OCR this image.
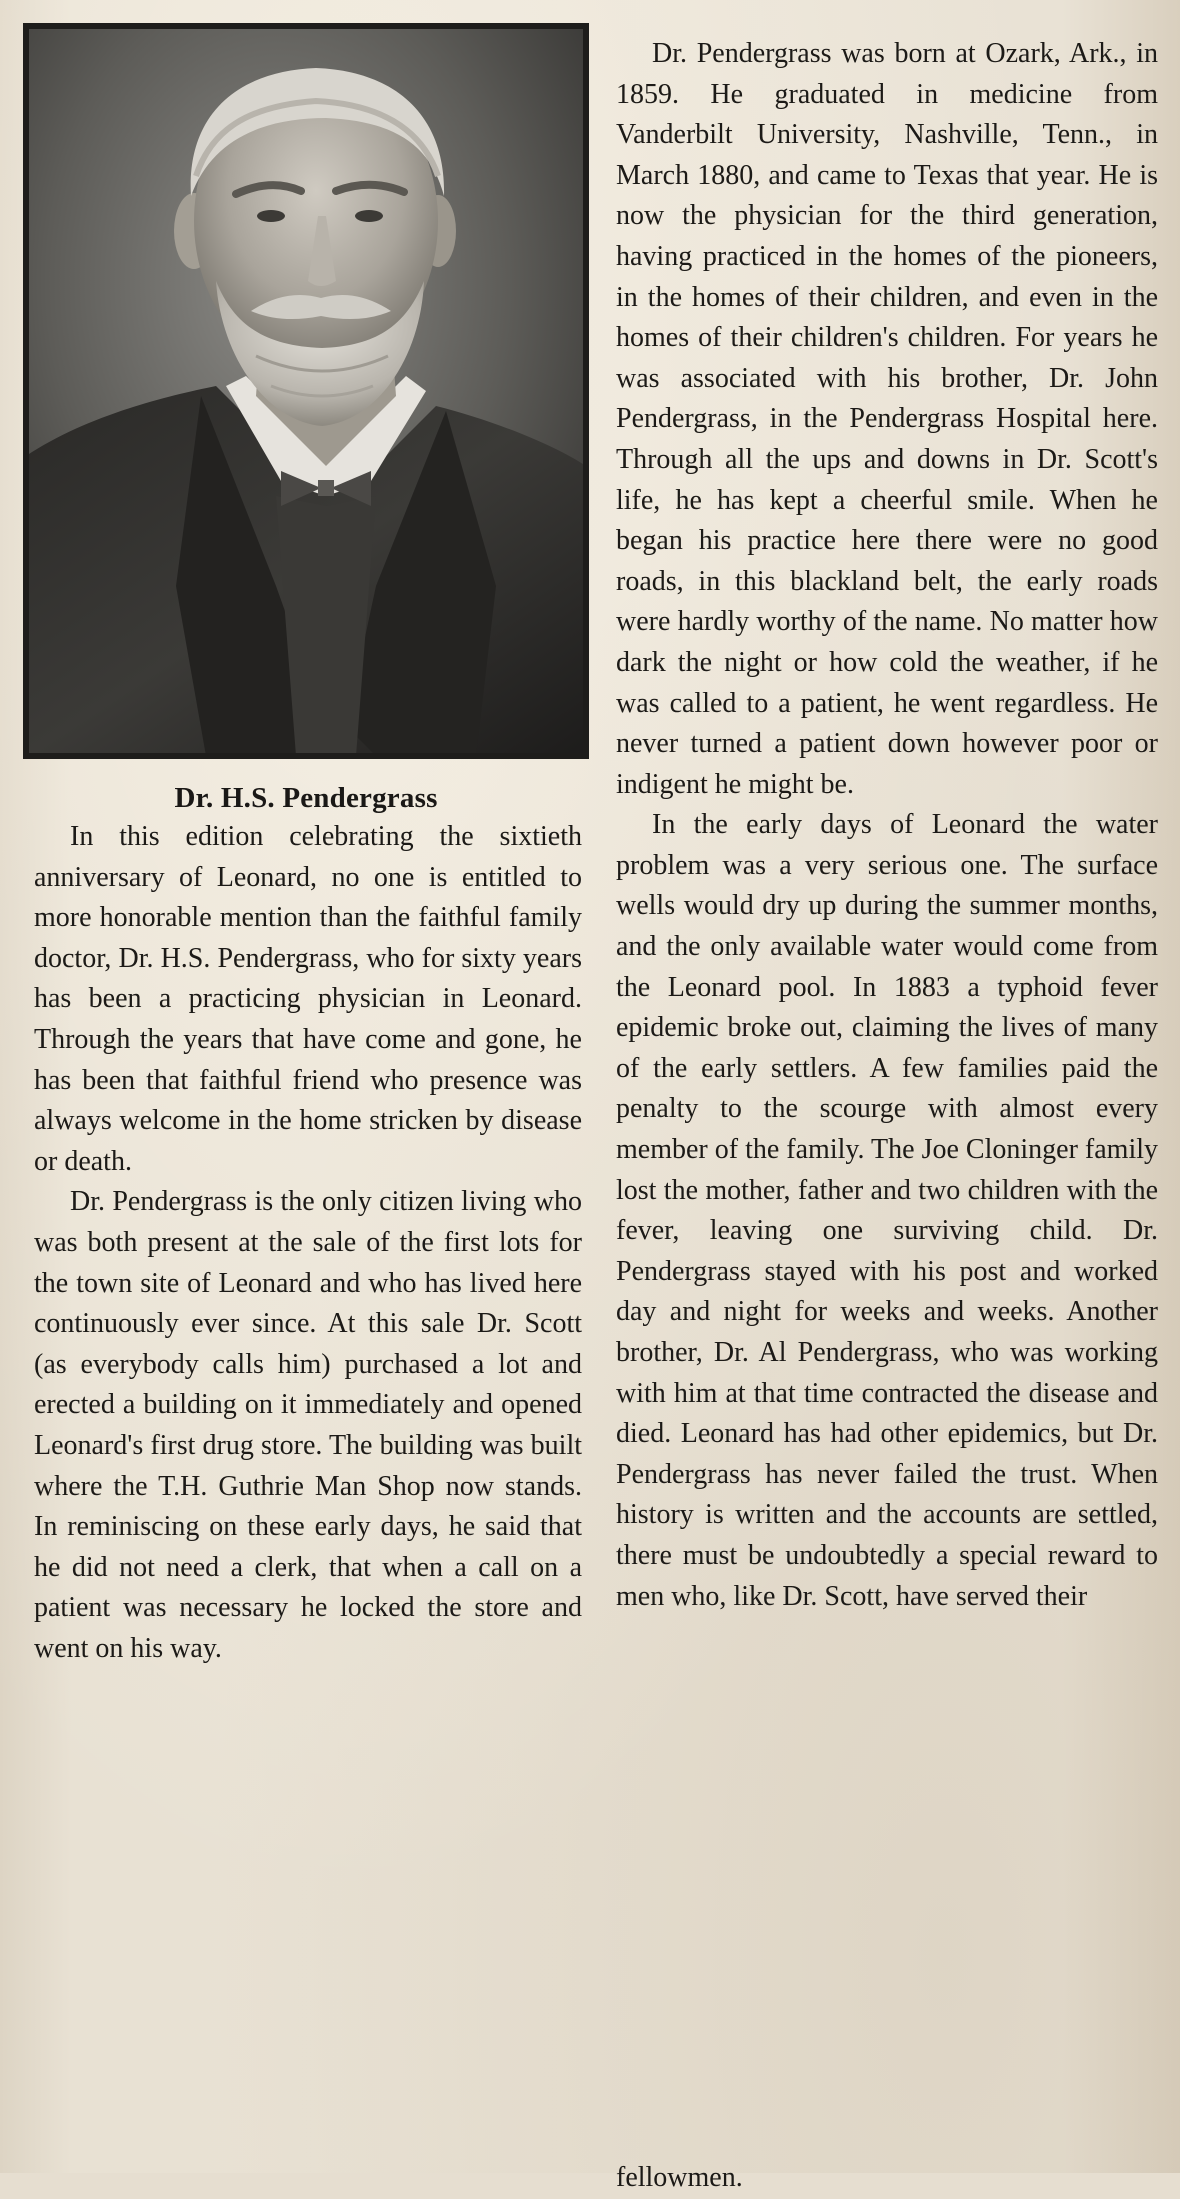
Dr. H.S. Pendergrass

In this edition celebrating the sixtieth anniversary of Leonard, no one is entitled to more honorable mention than the faithful family doctor, Dr. H.S. Pendergrass, who for sixty years has been a practicing physician in Leonard. Through the years that have come and gone, he has been that faithful friend who presence was always welcome in the home stricken by disease or death.

Dr. Pendergrass is the only citizen living who was both present at the sale of the first lots for the town site of Leonard and who has lived here continuously ever since. At this sale Dr. Scott (as everybody calls him) purchased a lot and erected a building on it immediately and opened Leonard's first drug store. The building was built where the T.H. Guthrie Man Shop now stands. In reminiscing on these early days, he said that he did not need a clerk, that when a call on a patient was necessary he locked the store and went on his way.

Dr. Pendergrass was born at Ozark, Ark., in 1859. He graduated in medicine from Vanderbilt University, Nashville, Tenn., in March 1880, and came to Texas that year. He is now the physician for the third generation, having practiced in the homes of the pioneers, in the homes of their children, and even in the homes of their children's children. For years he was associated with his brother, Dr. John Pendergrass, in the Pendergrass Hospital here. Through all the ups and downs in Dr. Scott's life, he has kept a cheerful smile. When he began his practice here there were no good roads, in this blackland belt, the early roads were hardly worthy of the name. No matter how dark the night or how cold the weather, if he was called to a patient, he went regardless. He never turned a patient down however poor or indigent he might be.

In the early days of Leonard the water problem was a very serious one. The surface wells would dry up during the summer months, and the only available water would come from the Leonard pool. In 1883 a typhoid fever epidemic broke out, claiming the lives of many of the early settlers. A few families paid the penalty to the scourge with almost every member of the family. The Joe Cloninger family lost the mother, father and two children with the fever, leaving one surviving child. Dr. Pendergrass stayed with his post and worked day and night for weeks and weeks. Another brother, Dr. Al Pendergrass, who was working with him at that time contracted the disease and died. Leonard has had other epidemics, but Dr. Pendergrass has never failed the trust. When history is written and the accounts are settled, there must be undoubtedly a special reward to men who, like Dr. Scott, have served their

fellowmen.
